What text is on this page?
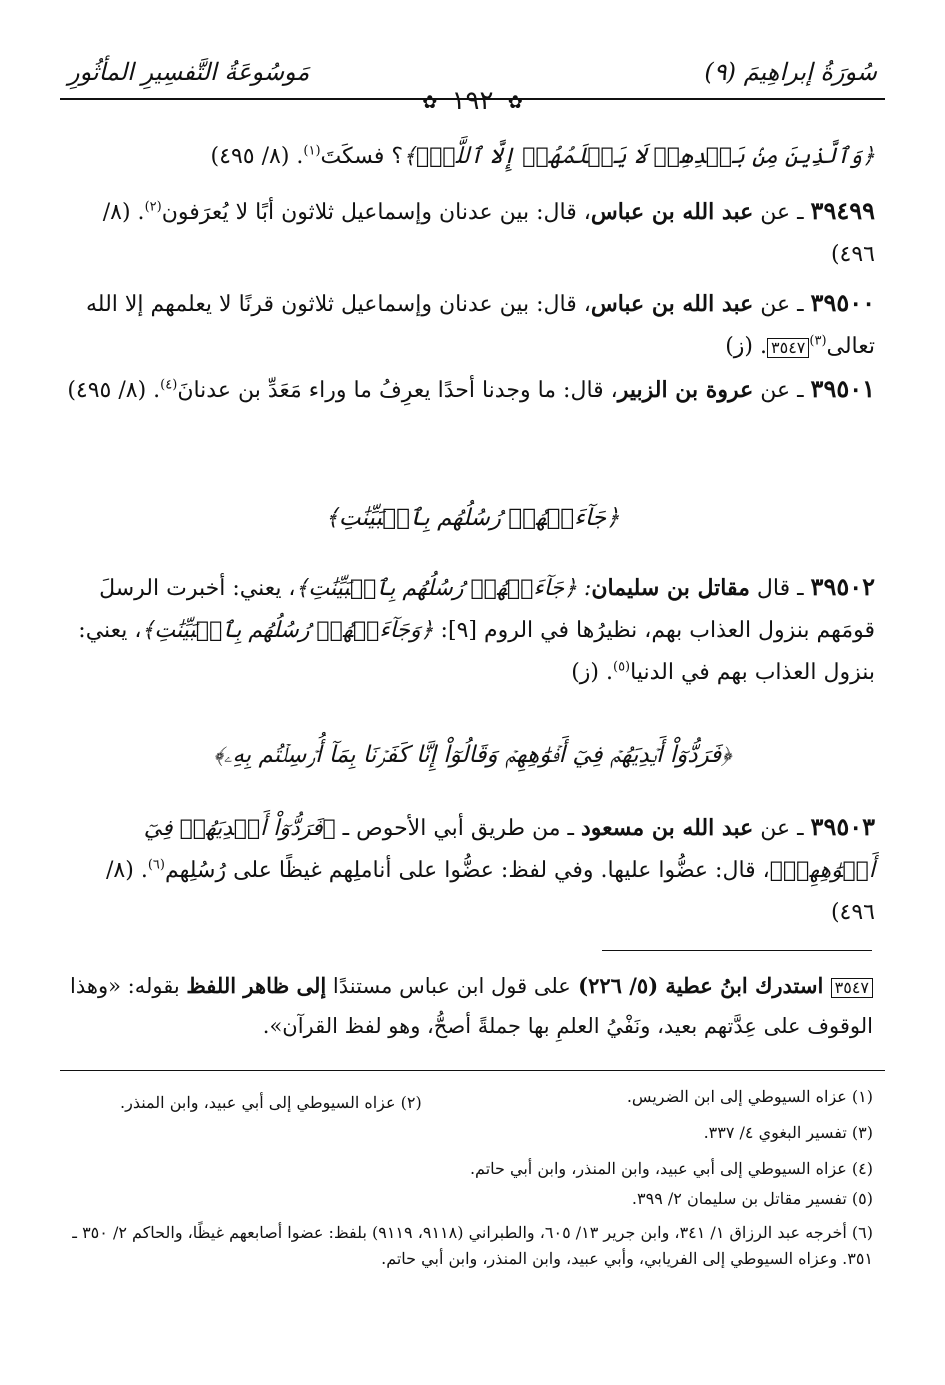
مَوسُوعَةُ التَّفسِيرِ المأثُورِ	سُورَةُ إبراهِيمَ (٩)
✿ ١٩٢ ✿
﴿وَٱلَّذِينَ مِنۢ بَعۡدِهِمۡ لَا يَعۡلَمُهُمۡ إِلَّا ٱللَّهُۚ﴾؟ فسكَتَ$^{(١)}$. (٨/ ٤٩٥)
٣٩٤٩٩ ـ عن عبد الله بن عباس، قال: بين عدنان وإسماعيل ثلاثون أبًا لا يُعرَفون$^{(٢)}$. (٨/ ٤٩٦)
٣٩٥٠٠ ـ عن عبد الله بن عباس، قال: بين عدنان وإسماعيل ثلاثون قرنًا لا يعلمهم إلا الله تعالى$^{(٣)}$٣٥٤٧. (ز)
٣٩٥٠١ ـ عن عروة بن الزبير، قال: ما وجدنا أحدًا يعرِفُ ما وراء مَعَدِّ بن عدنانَ$^{(٤)}$. (٨/ ٤٩٥)
﴿جَآءَتۡهُمۡ رُسُلُهُم بِٱلۡبَيِّنَٰتِ﴾
٣٩٥٠٢ ـ قال مقاتل بن سليمان: ﴿جَآءَتۡهُمۡ رُسُلُهُم بِٱلۡبَيِّنَٰتِ﴾، يعني: أخبرت الرسلَ قومَهم بنزول العذاب بهم، نظيرُها في الروم [٩]: ﴿وَجَآءَتۡهُمۡ رُسُلُهُم بِٱلۡبَيِّنَٰتِ﴾، يعني: بنزول العذاب بهم في الدنيا$^{(٥)}$. (ز)
﴿فَرَدُّوٓاْ أَيۡدِيَهُمۡ فِيٓ أَفۡوَٰهِهِمۡ وَقَالُوٓاْ إِنَّا كَفَرۡنَا بِمَآ أُرۡسِلۡتُم بِهِۦ﴾
٣٩٥٠٣ ـ عن عبد الله بن مسعود ـ من طريق أبي الأحوص ـ ﴿فَرَدُّوٓاْ أَيۡدِيَهُمۡ فِيٓ أَفۡوَٰهِهِمۡ﴾، قال: عضُّوا عليها. وفي لفظ: عضُّوا على أناملِهم غيظًا على رُسُلِهم$^{(٦)}$. (٨/ ٤٩٦)
٣٥٤٧ استدرك ابنُ عطية (٥/ ٢٢٦) على قول ابن عباس مستندًا إلى ظاهر اللفظ بقوله: «وهذا الوقوف على عِدَّتهم بعيد، ونَفْيُ العلمِ بها جملةً أصحُّ، وهو لفظ القرآن».
(١) عزاه السيوطي إلى ابن الضريس.
(٢) عزاه السيوطي إلى أبي عبيد، وابن المنذر.
(٣) تفسير البغوي ٤/ ٣٣٧.
(٤) عزاه السيوطي إلى أبي عبيد، وابن المنذر، وابن أبي حاتم.
(٥) تفسير مقاتل بن سليمان ٢/ ٣٩٩.
(٦) أخرجه عبد الرزاق ١/ ٣٤١، وابن جرير ١٣/ ٦٠٥، والطبراني (٩١١٨، ٩١١٩) بلفظ: عضوا أصابعهم غيظًا، والحاكم ٢/ ٣٥٠ ـ ٣٥١. وعزاه السيوطي إلى الفريابي، وأبي عبيد، وابن المنذر، وابن أبي حاتم.
